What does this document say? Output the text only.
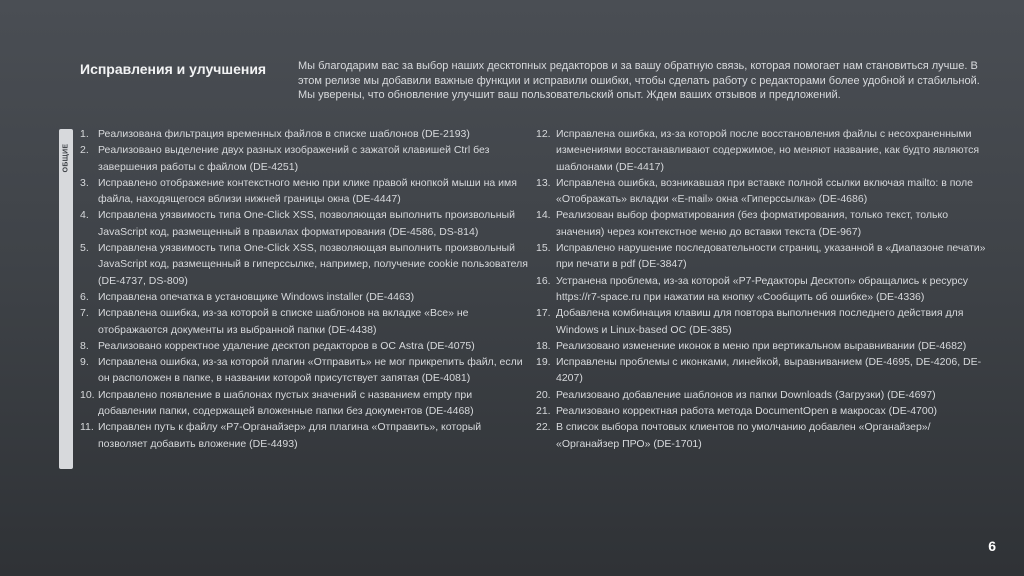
Исправления и улучшения	Мы благодарим вас за выбор наших десктопных редакторов и за вашу обратную связь, которая помогает нам становиться лучше. В этом релизе мы добавили важные функции и исправили ошибки, чтобы сделать работу с редакторами более удобной и стабильной. Мы уверены, что обновление улучшит ваш пользовательский опыт. Ждем ваших отзывов и предложений.
ОБЩИЕ
1. Реализована фильтрация временных файлов в списке шаблонов (DE-2193)
2. Реализовано выделение двух разных изображений с зажатой клавишей Ctrl без завершения работы с файлом (DE-4251)
3. Исправлено отображение контекстного меню при клике правой кнопкой мыши на имя файла, находящегося вблизи нижней границы окна (DE-4447)
4. Исправлена уязвимость типа One-Click XSS, позволяющая выполнить произвольный JavaScript код, размещенный в правилах форматирования (DE-4586, DS-814)
5. Исправлена уязвимость типа One-Click XSS, позволяющая выполнить произвольный JavaScript код, размещенный в гиперссылке, например, получение cookie пользователя (DE-4737, DS-809)
6. Исправлена опечатка в установщике Windows installer (DE-4463)
7. Исправлена ошибка, из-за которой в списке шаблонов на вкладке «Все» не отображаются документы из выбранной папки (DE-4438)
8. Реализовано корректное удаление десктоп редакторов в ОС Astra (DE-4075)
9. Исправлена ошибка, из-за которой плагин «Отправить» не мог прикрепить файл, если он расположен в папке, в названии которой присутствует запятая (DE-4081)
10. Исправлено появление в шаблонах пустых значений с названием empty при добавлении папки, содержащей вложенные папки без документов (DE-4468)
11. Исправлен путь к файлу «Р7-Органайзер» для плагина «Отправить», который позволяет добавить вложение (DE-4493)
12. Исправлена ошибка, из-за которой после восстановления файлы с несохраненными изменениями восстанавливают содержимое, но меняют название, как будто являются шаблонами (DE-4417)
13. Исправлена ошибка, возникавшая при вставке полной ссылки включая mailto: в поле «Отображать» вкладки «E-mail» окна «Гиперссылка» (DE-4686)
14. Реализован выбор форматирования (без форматирования, только текст, только значения) через контекстное меню до вставки текста (DE-967)
15. Исправлено нарушение последовательности страниц, указанной в «Диапазоне печати» при печати в pdf (DE-3847)
16. Устранена проблема, из-за которой «Р7-Редакторы Десктоп» обращались к ресурсу https://r7-space.ru при нажатии на кнопку «Сообщить об ошибке» (DE-4336)
17. Добавлена комбинация клавиш для повтора выполнения последнего действия для Windows и Linux-based ОС (DE-385)
18. Реализовано изменение иконок в меню при вертикальном выравнивании (DE-4682)
19. Исправлены проблемы с иконками, линейкой, выравниванием (DE-4695, DE-4206, DE-4207)
20. Реализовано добавление шаблонов из папки Downloads (Загрузки) (DE-4697)
21. Реализовано корректная работа метода DocumentOpen в макросах (DE-4700)
22. В список выбора почтовых клиентов по умолчанию добавлен «Органайзер»/ «Органайзер ПРО» (DE-1701)
6
